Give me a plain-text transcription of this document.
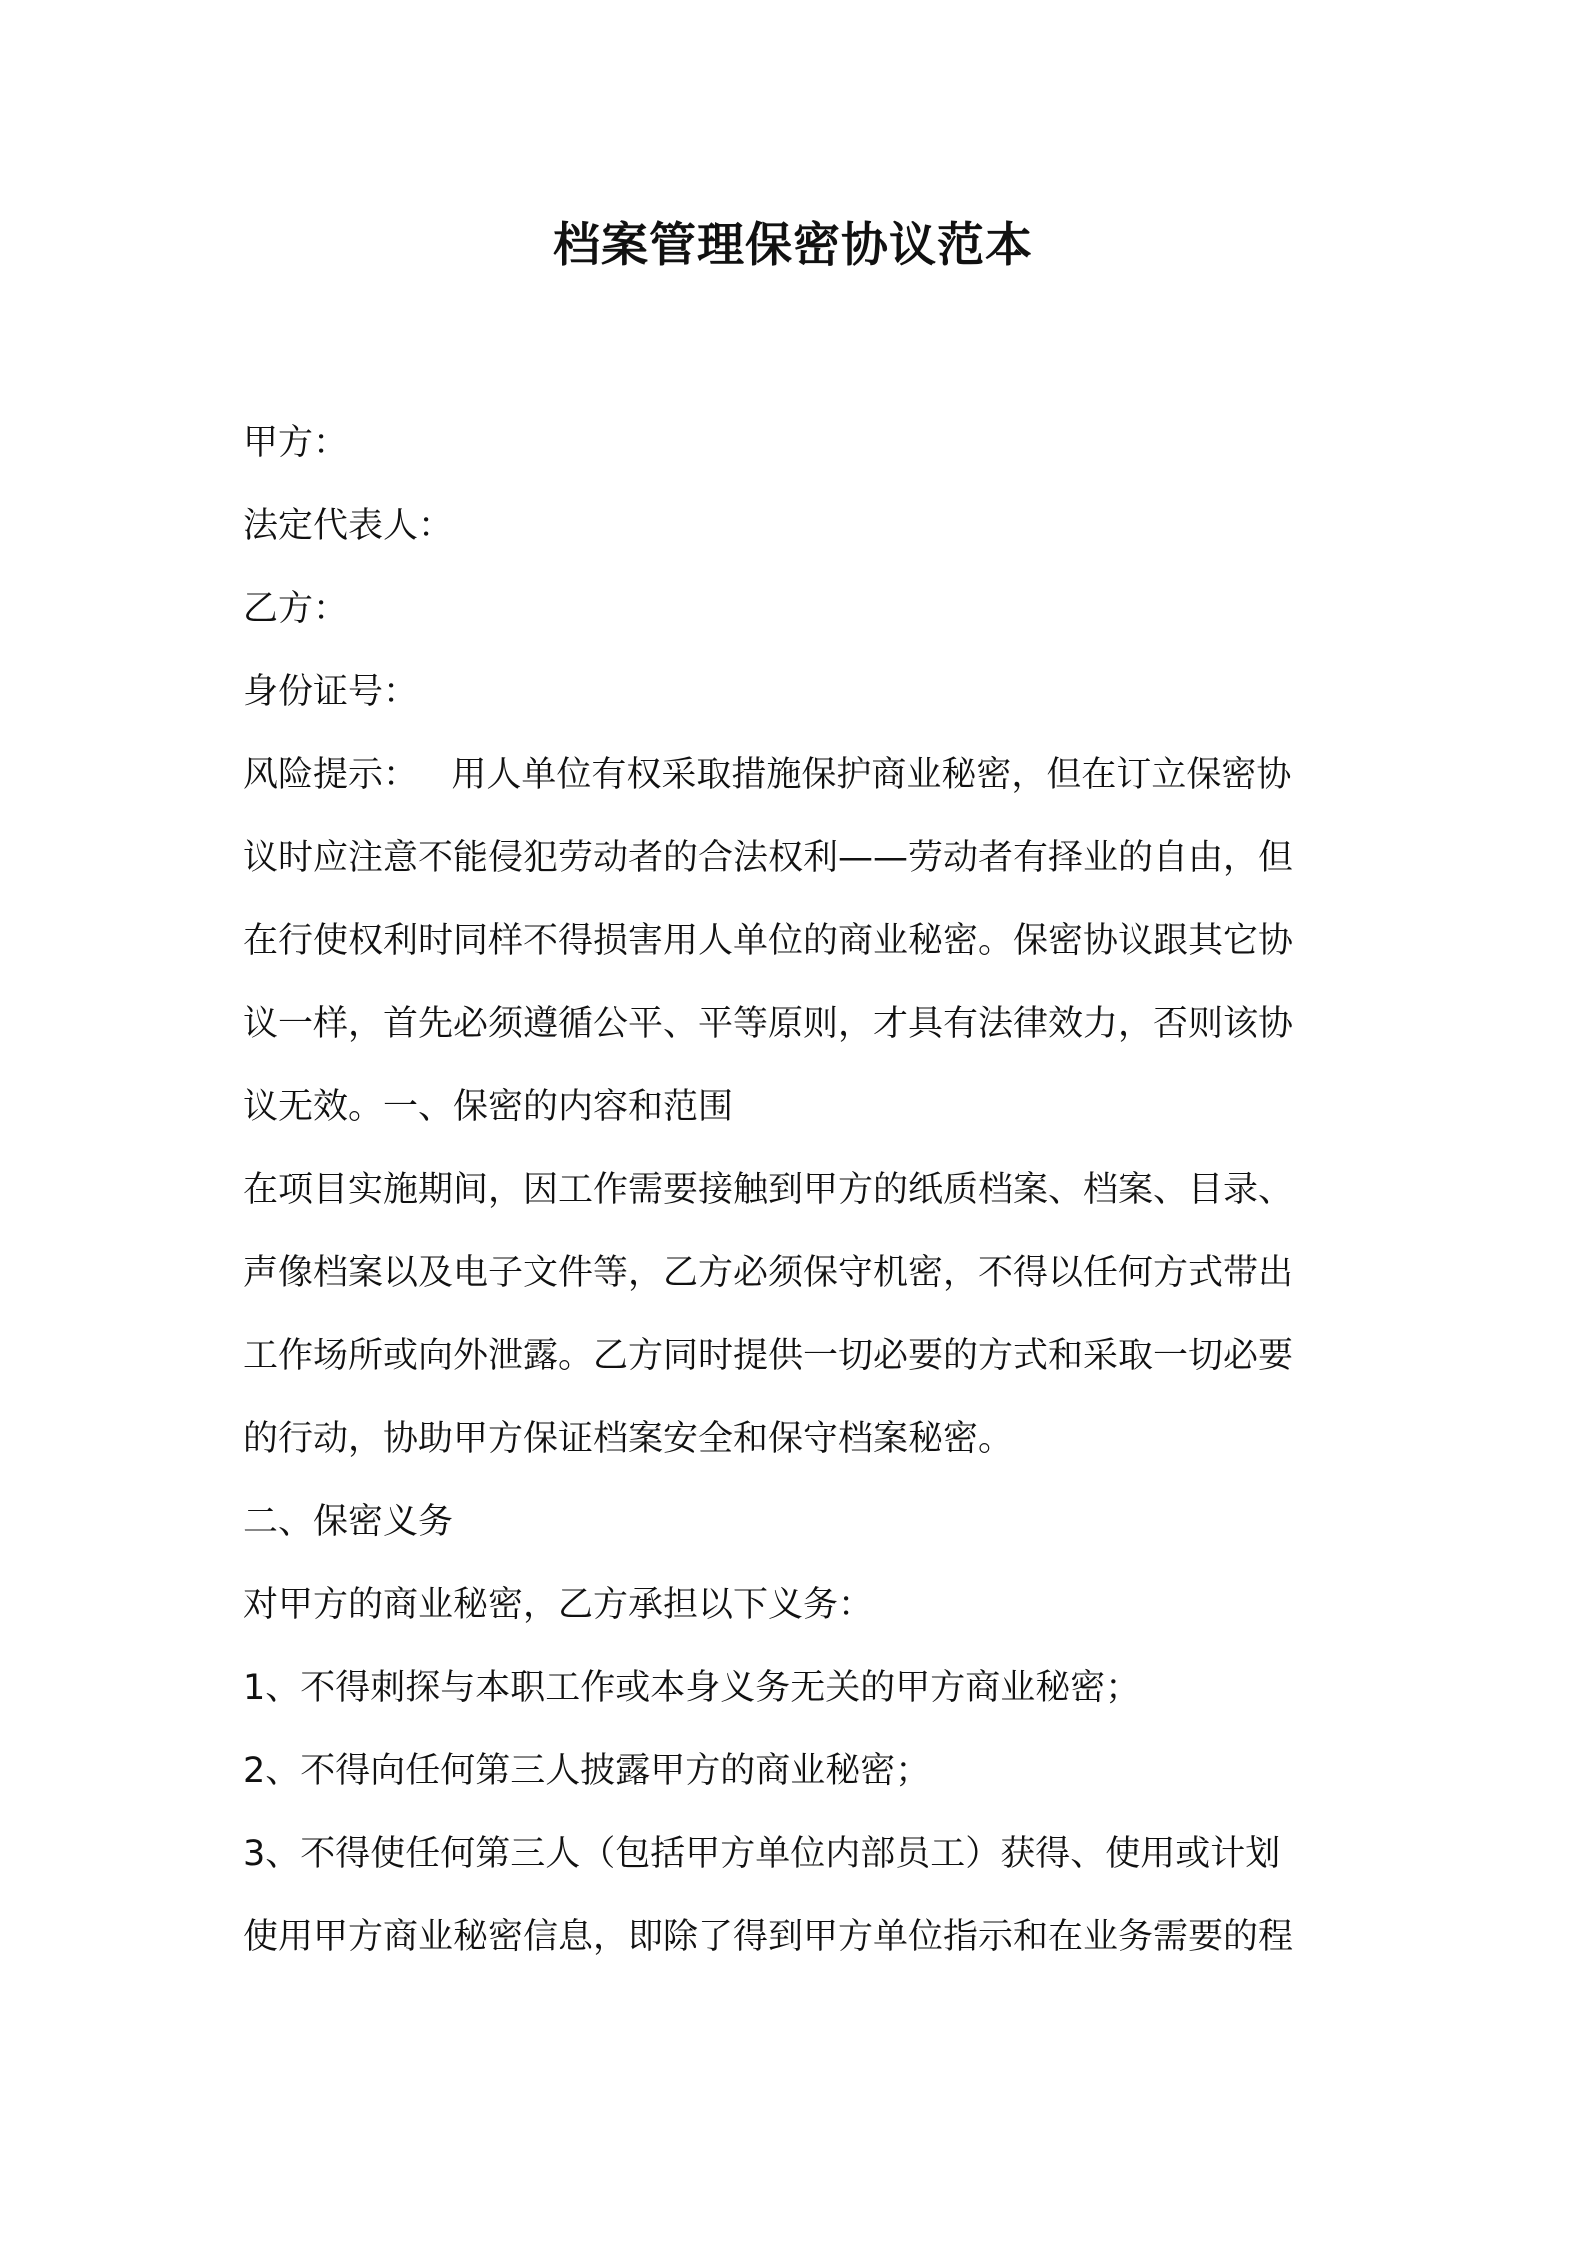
档案管理保密协议范本
甲方：
法定代表人：
乙方：
身份证号：
风险提示：   用人单位有权采取措施保护商业秘密，但在订立保密协
议时应注意不能侵犯劳动者的合法权利——劳动者有择业的自由，但
在行使权利时同样不得损害用人单位的商业秘密。保密协议跟其它协
议一样，首先必须遵循公平、平等原则，才具有法律效力，否则该协
议无效。一、保密的内容和范围
在项目实施期间，因工作需要接触到甲方的纸质档案、档案、目录、
声像档案以及电子文件等，乙方必须保守机密，不得以任何方式带出
工作场所或向外泄露。乙方同时提供一切必要的方式和采取一切必要
的行动，协助甲方保证档案安全和保守档案秘密。
二、保密义务
对甲方的商业秘密，乙方承担以下义务：
1、不得刺探与本职工作或本身义务无关的甲方商业秘密；
2、不得向任何第三人披露甲方的商业秘密；
3、不得使任何第三人（包括甲方单位内部员工）获得、使用或计划
使用甲方商业秘密信息，即除了得到甲方单位指示和在业务需要的程
